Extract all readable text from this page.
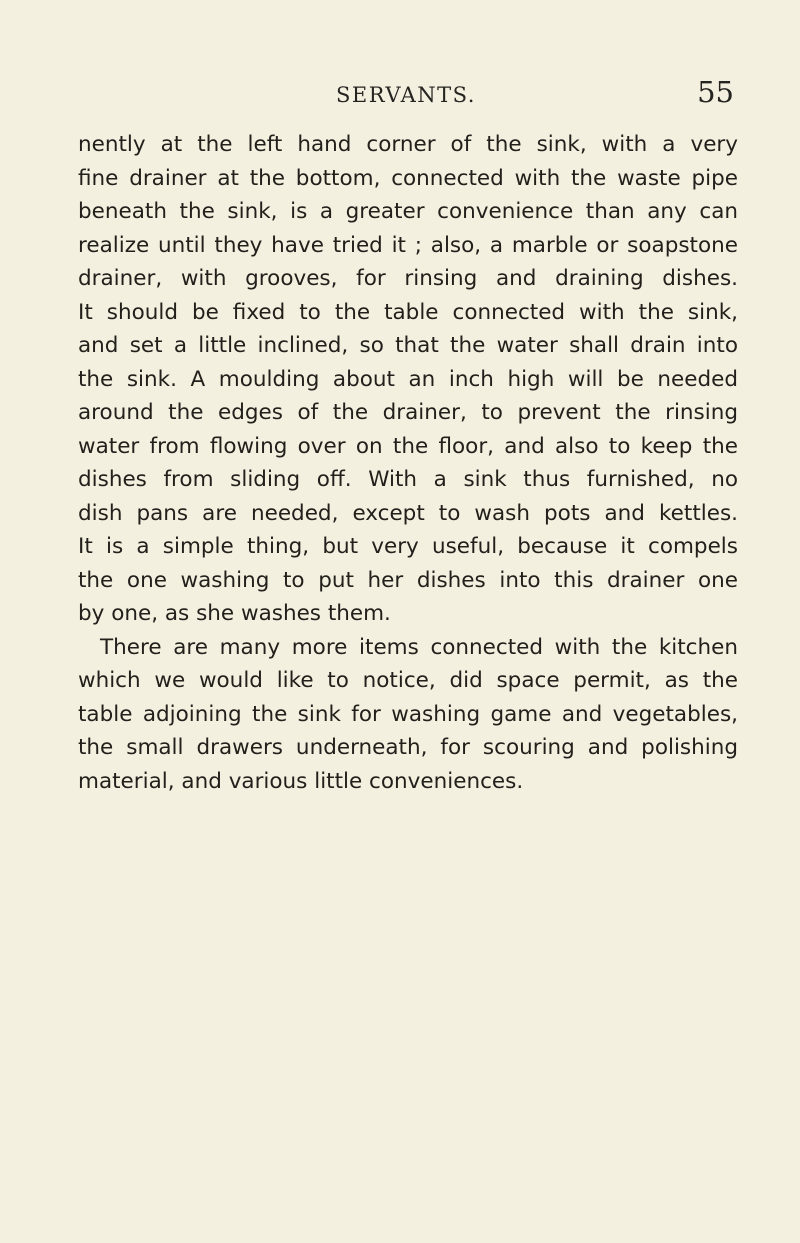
SERVANTS.	55
nently at the left hand corner of the sink, with a very
fine drainer at the bottom, connected with the waste pipe
beneath the sink, is a greater convenience than any can
realize until they have tried it ; also, a marble or soapstone
drainer, with grooves, for rinsing and draining dishes.
It should be fixed to the table connected with the sink,
and set a little inclined, so that the water shall drain into
the sink. A moulding about an inch high will be needed
around the edges of the drainer, to prevent the rinsing
water from flowing over on the floor, and also to keep the
dishes from sliding off. With a sink thus furnished, no
dish pans are needed, except to wash pots and kettles.
It is a simple thing, but very useful, because it compels
the one washing to put her dishes into this drainer one
by one, as she washes them.
There are many more items connected with the kitchen
which we would like to notice, did space permit, as the
table adjoining the sink for washing game and vegetables,
the small drawers underneath, for scouring and polishing
material, and various little conveniences.
